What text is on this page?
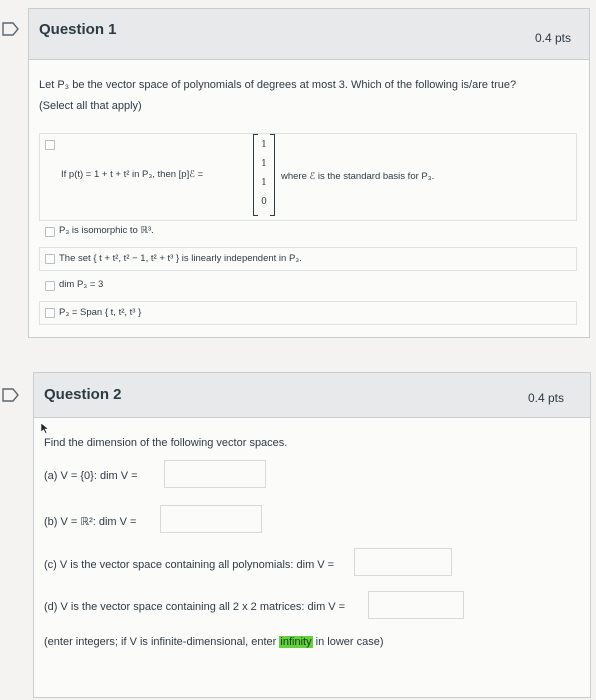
Question 1	0.4 pts
Let P₃ be the vector space of polynomials of degrees at most 3. Which of the following is/are true?
(Select all that apply)
If p(t) = 1 + t + t² in P₃, then [p]ℰ =
1
1
1
0
where ℰ is the standard basis for P₃.
P₃ is isomorphic to ℝ³.
The set { t + t², t² − 1, t² + t³ } is linearly independent in P₃.
dim P₃ = 3
P₃ = Span { t, t², t³ }
Question 2	0.4 pts
Find the dimension of the following vector spaces.
(a) V = {0}: dim V =
(b) V = ℝ²: dim V =
(c) V is the vector space containing all polynomials: dim V =
(d) V is the vector space containing all 2 x 2 matrices: dim V =
(enter integers; if V is infinite-dimensional, enter infinity in lower case)
